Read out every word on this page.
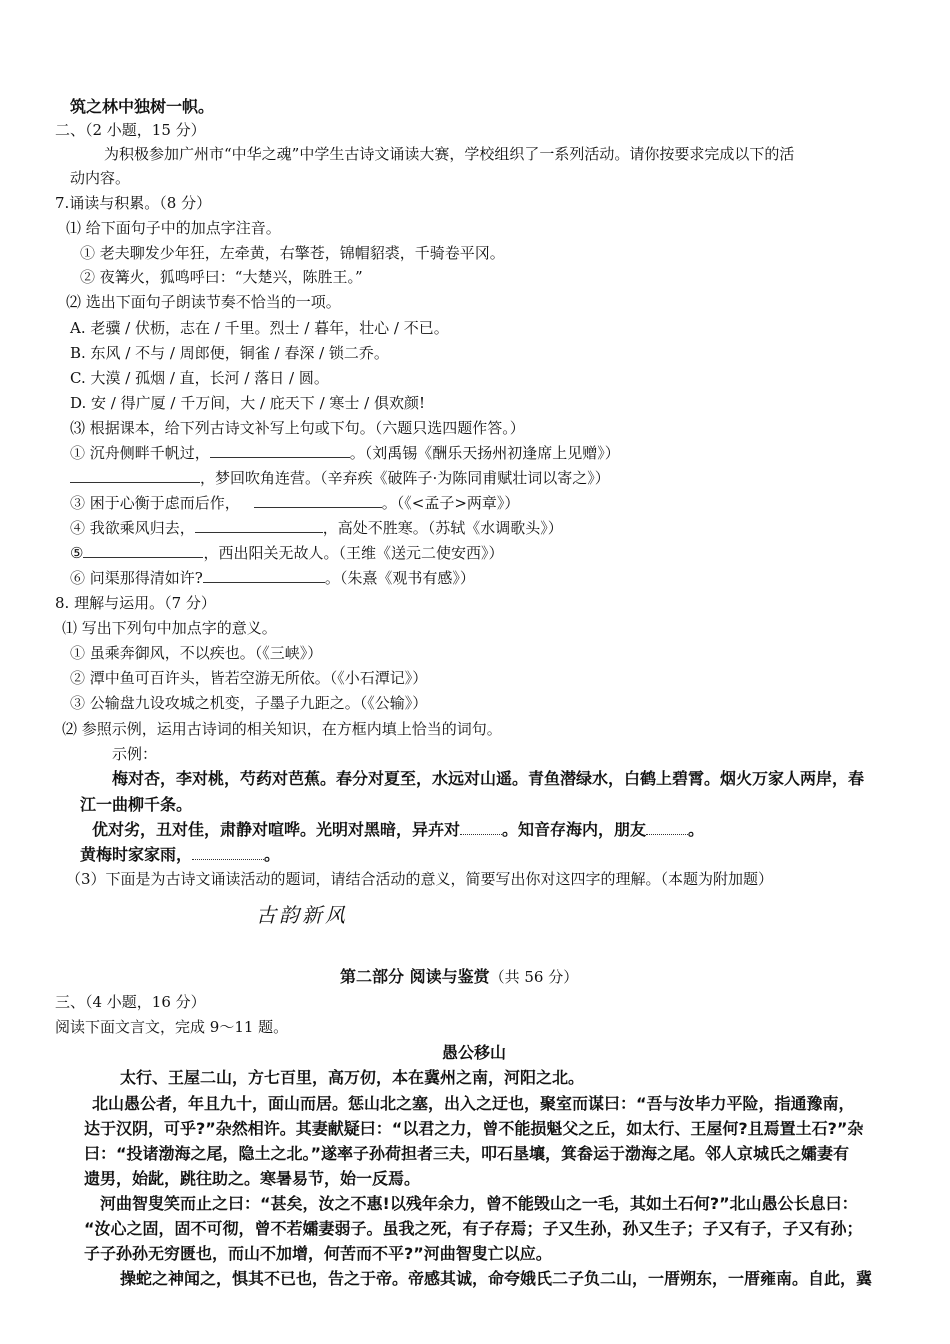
筑之林中独树一帜。
二、（2 小题，15 分）
为积极参加广州市“中华之魂”中学生古诗文诵读大赛，学校组织了一系列活动。请你按要求完成以下的活
动内容。
7.诵读与积累。（8 分）
⑴ 给下面句子中的加点字注音。
① 老夫聊发少年狂，左牵黄，右擎苍，锦帽貂裘，千骑卷平冈。
② 夜篝火，狐鸣呼曰：“大楚兴，陈胜王。”
⑵ 选出下面句子朗读节奏不恰当的一项。
A. 老骥 / 伏枥，志在 / 千里。烈士 / 暮年，壮心 / 不已。
B. 东风 / 不与 / 周郎便，铜雀 / 春深 / 锁二乔。
C. 大漠 / 孤烟 / 直，长河 / 落日 / 圆。
D. 安 / 得广厦 / 千万间，大 / 庇天下 / 寒士 / 俱欢颜!
⑶ 根据课本，给下列古诗文补写上句或下句。（六题只选四题作答。）
① 沉舟侧畔千帆过，	。（刘禹锡《酬乐天扬州初逢席上见赠》）
，梦回吹角连营。（辛弃疾《破阵子·为陈同甫赋壮词以寄之》）
③ 困于心衡于虑而后作，	。（《<孟子>两章》）
④ 我欲乘风归去，	，高处不胜寒。（苏轼《水调歌头》）
⑤	，西出阳关无故人。（王维《送元二使安西》）
⑥ 问渠那得清如许?	。（朱熹《观书有感》）
8. 理解与运用。（7 分）
⑴ 写出下列句中加点字的意义。
① 虽乘奔御风，不以疾也。（《三峡》）
② 潭中鱼可百许头，皆若空游无所依。（《小石潭记》）
③ 公输盘九设攻城之机变，子墨子九距之。（《公输》）
⑵ 参照示例，运用古诗词的相关知识，在方框内填上恰当的词句。
示例：
梅对杏，李对桃，芍药对芭蕉。春分对夏至，水远对山遥。青鱼潜绿水，白鹤上碧霄。烟火万家人两岸，春
江一曲柳千条。
优对劣，丑对佳，肃静对喧哗。光明对黑暗，异卉对	。知音存海内，朋友	。
黄梅时家家雨，	。
（3）下面是为古诗文诵读活动的题词，请结合活动的意义，简要写出你对这四字的理解。（本题为附加题）
古韵新风
第二部分 阅读与鉴赏（共 56 分）
三、（4 小题，16 分）
阅读下面文言文，完成 9～11 题。
愚公移山
太行、王屋二山，方七百里，高万仞，本在冀州之南，河阳之北。
北山愚公者，年且九十，面山而居。惩山北之塞，出入之迂也，聚室而谋曰：“吾与汝毕力平险，指通豫南，
达于汉阴，可乎?”杂然相许。其妻献疑曰：“以君之力，曾不能损魁父之丘，如太行、王屋何?且焉置土石?”杂
曰：“投诸渤海之尾，隐土之北。”遂率子孙荷担者三夫，叩石垦壤，箕畚运于渤海之尾。邻人京城氏之孀妻有
遗男，始龀，跳往助之。寒暑易节，始一反焉。
河曲智叟笑而止之曰：“甚矣，汝之不惠!以残年余力，曾不能毁山之一毛，其如土石何?”北山愚公长息曰：
“汝心之固，固不可彻，曾不若孀妻弱子。虽我之死，有子存焉；子又生孙，孙又生子；子又有子，子又有孙；
子子孙孙无穷匮也，而山不加增，何苦而不平?”河曲智叟亡以应。
操蛇之神闻之，惧其不已也，告之于帝。帝感其诚，命夸娥氏二子负二山，一厝朔东，一厝雍南。自此，冀
